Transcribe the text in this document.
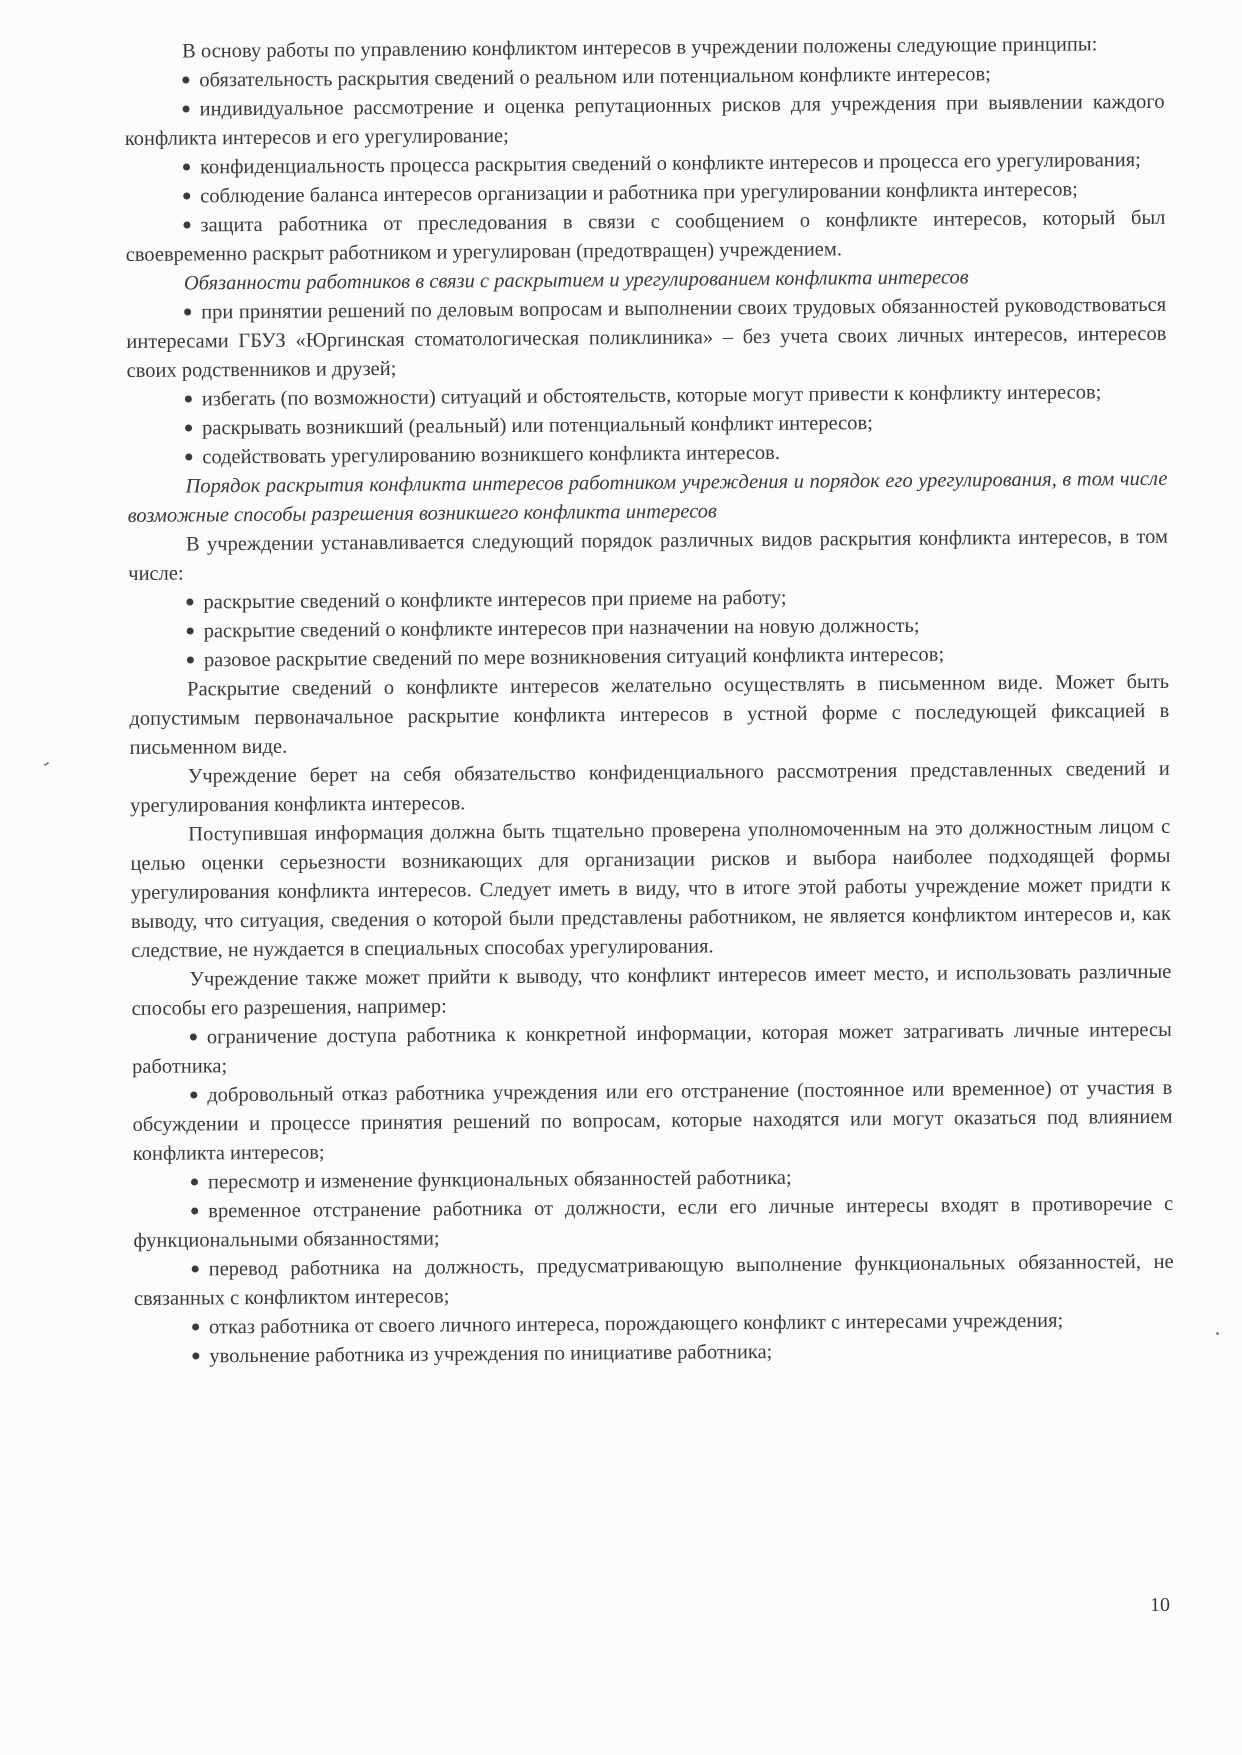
В основу работы по управлению конфликтом интересов в учреждении положены следующие принципы:

обязательность раскрытия сведений о реальном или потенциальном конфликте интересов;

индивидуальное рассмотрение и оценка репутационных рисков для учреждения при выявлении каждого конфликта интересов и его урегулирование;

конфиденциальность процесса раскрытия сведений о конфликте интересов и процесса его урегулирования;

соблюдение баланса интересов организации и работника при урегулировании конфликта интересов;

защита работника от преследования в связи с сообщением о конфликте интересов, который был своевременно раскрыт работником и урегулирован (предотвращен) учреждением.

Обязанности работников в связи с раскрытием и урегулированием конфликта интересов

при принятии решений по деловым вопросам и выполнении своих трудовых обязанностей руководствоваться интересами ГБУЗ «Юргинская стоматологическая поликлиника» – без учета своих личных интересов, интересов своих родственников и друзей;

избегать (по возможности) ситуаций и обстоятельств, которые могут привести к конфликту интересов;

раскрывать возникший (реальный) или потенциальный конфликт интересов;

содействовать урегулированию возникшего конфликта интересов.

Порядок раскрытия конфликта интересов работником учреждения и порядок его урегулирования, в том числе возможные способы разрешения возникшего конфликта интересов

В учреждении устанавливается следующий порядок различных видов раскрытия конфликта интересов, в том числе:

раскрытие сведений о конфликте интересов при приеме на работу;

раскрытие сведений о конфликте интересов при назначении на новую должность;

разовое раскрытие сведений по мере возникновения ситуаций конфликта интересов;

Раскрытие сведений о конфликте интересов желательно осуществлять в письменном виде. Может быть допустимым первоначальное раскрытие конфликта интересов в устной форме с последующей фиксацией в письменном виде.

Учреждение берет на себя обязательство конфиденциального рассмотрения представленных сведений и урегулирования конфликта интересов.

Поступившая информация должна быть тщательно проверена уполномоченным на это должностным лицом с целью оценки серьезности возникающих для организации рисков и выбора наиболее подходящей формы урегулирования конфликта интересов. Следует иметь в виду, что в итоге этой работы учреждение может придти к выводу, что ситуация, сведения о которой были представлены работником, не является конфликтом интересов и, как следствие, не нуждается в специальных способах урегулирования.

Учреждение также может прийти к выводу, что конфликт интересов имеет место, и использовать различные способы его разрешения, например:

ограничение доступа работника к конкретной информации, которая может затрагивать личные интересы работника;

добровольный отказ работника учреждения или его отстранение (постоянное или временное) от участия в обсуждении и процессе принятия решений по вопросам, которые находятся или могут оказаться под влиянием конфликта интересов;

пересмотр и изменение функциональных обязанностей работника;

временное отстранение работника от должности, если его личные интересы входят в противоречие с функциональными обязанностями;

перевод работника на должность, предусматривающую выполнение функциональных обязанностей, не связанных с конфликтом интересов;

отказ работника от своего личного интереса, порождающего конфликт с интересами учреждения;

увольнение работника из учреждения по инициативе работника;

10
